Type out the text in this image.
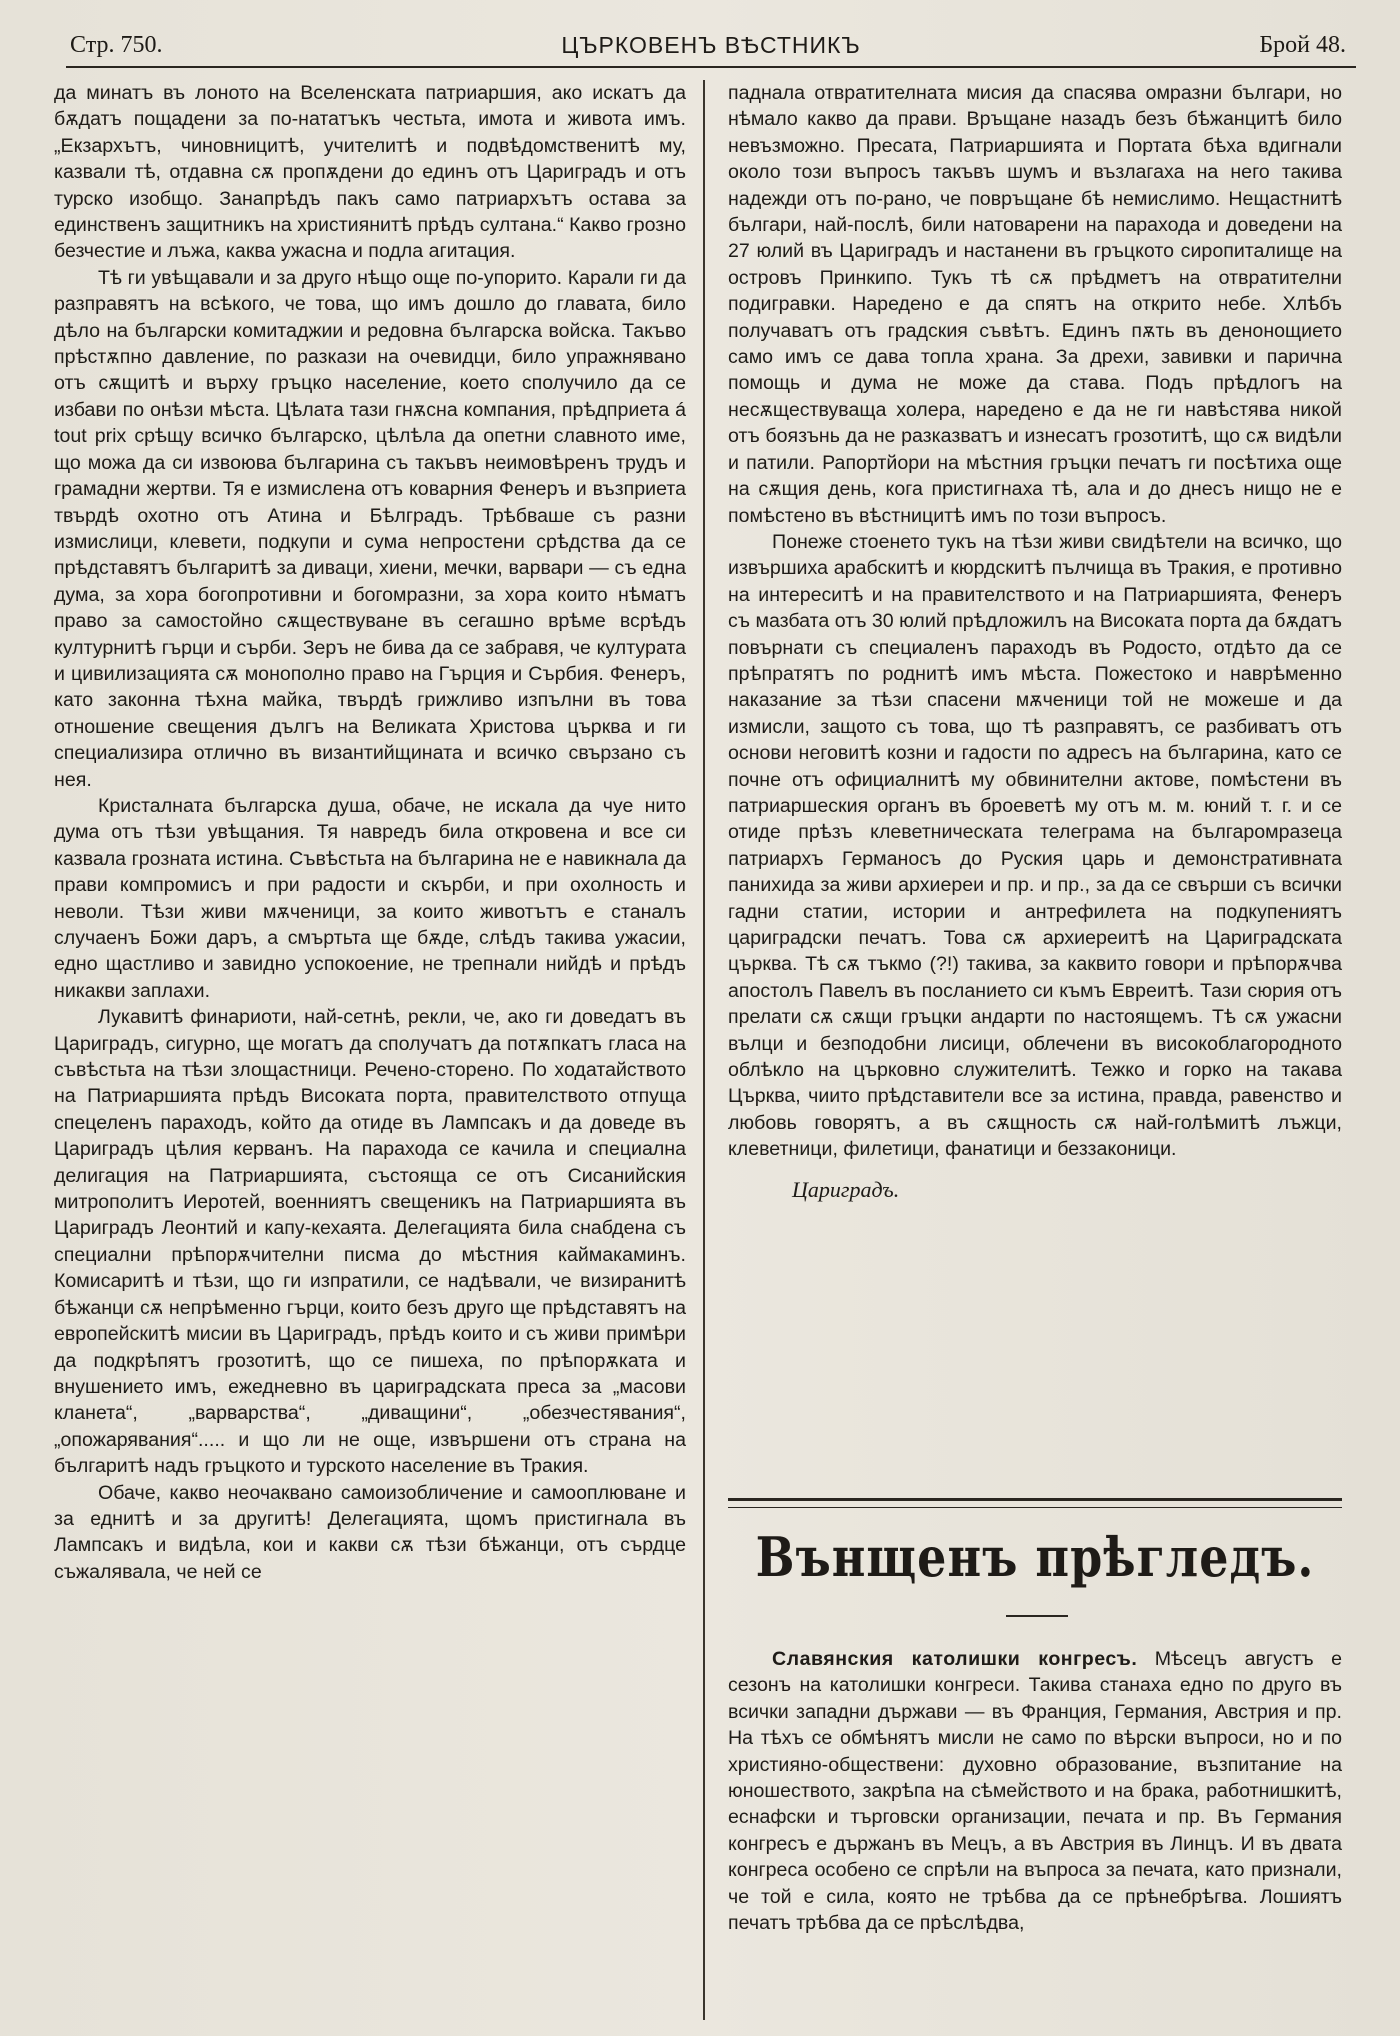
Стр. 750.	ЦЪРКОВЕНЪ ВѢСТНИКЪ	Брой 48.

да минатъ въ лоното на Вселенската патриаршия, ако искатъ да бѫдатъ пощадени за по-нататъкъ честьта, имота и живота имъ. „Екзархътъ, чиновницитѣ, учителитѣ и подвѣдомственитѣ му, казвали тѣ, отдавна сѫ пропѫдени до единъ отъ Цариградъ и отъ турско изобщо. Занапрѣдъ пакъ само патриархътъ остава за единственъ защитникъ на християнитѣ прѣдъ султана.“ Какво грозно безчестие и лъжа, каква ужасна и подла агитация.

Тѣ ги увѣщавали и за друго нѣщо още по-упорито. Карали ги да разправятъ на всѣкого, че това, що имъ дошло до главата, било дѣло на български комитаджии и редовна българска войска. Такъво прѣстѫпно давление, по разкази на очевидци, било упражнявано отъ сѫщитѣ и върху гръцко население, което сполучило да се избави по онѣзи мѣста. Цѣлата тази гнѫсна компания, прѣдприета á tout prix срѣщу всичко българско, цѣлѣла да опетни славното име, що можа да си извоюва българина съ такъвъ неимовѣренъ трудъ и грамадни жертви. Тя е измислена отъ коварния Фенеръ и възприета твърдѣ охотно отъ Атина и Бѣлградъ. Трѣбваше съ разни измислици, клевети, подкупи и сума непростени срѣдства да се прѣдставятъ българитѣ за диваци, хиени, мечки, варвари — съ една дума, за хора богопротивни и богомразни, за хора които нѣматъ право за самостойно сѫществуване въ сегашно врѣме всрѣдъ културнитѣ гърци и сърби. Зеръ не бива да се забравя, че културата и цивилизацията сѫ монополно право на Гърция и Сърбия. Фенеръ, като законна тѣхна майка, твърдѣ грижливо изпълни въ това отношение свещения дългъ на Великата Христова църква и ги специализира отлично въ византийщината и всичко свързано съ нея.

Кристалната българска душа, обаче, не искала да чуе нито дума отъ тѣзи увѣщания. Тя навредъ била откровена и все си казвала грозната истина. Съвѣстьта на българина не е навикнала да прави компромисъ и при радости и скърби, и при охолность и неволи. Тѣзи живи мѫченици, за които животътъ е станалъ случаенъ Божи даръ, а смъртьта ще бѫде, слѣдъ такива ужасии, едно щастливо и завидно успокоение, не трепнали нийдѣ и прѣдъ никакви заплахи.

Лукавитѣ финариоти, най-сетнѣ, рекли, че, ако ги доведатъ въ Цариградъ, сигурно, ще могатъ да сполучатъ да потѫпкатъ гласа на съвѣстьта на тѣзи злощастници. Речено-сторено. По ходатайството на Патриаршията прѣдъ Високата порта, правителството отпуща спецеленъ параходъ, който да отиде въ Лампсакъ и да доведе въ Цариградъ цѣлия керванъ. На парахода се качила и специална делигация на Патриаршията, състояща се отъ Сисанийския митрополитъ Иеротей, военниятъ свещеникъ на Патриаршията въ Цариградъ Леонтий и капу-кехаята. Делегацията била снабдена съ специални прѣпорѫчителни писма до мѣстния каймакаминъ. Комисаритѣ и тѣзи, що ги изпратили, се надѣвали, че визиранитѣ бѣжанци сѫ непрѣменно гърци, които безъ друго ще прѣдставятъ на европейскитѣ мисии въ Цариградъ, прѣдъ които и съ живи примѣри да подкрѣпятъ грозотитѣ, що се пишеха, по прѣпорѫката и внушението имъ, ежедневно въ цариградската преса за „масови кланета“, „варварства“, „диващини“, „обезчестявания“, „опожарявания“..... и що ли не още, извършени отъ страна на българитѣ надъ гръцкото и турското население въ Тракия.

Обаче, какво неочаквано самоизобличение и самооплюване и за еднитѣ и за другитѣ! Делегацията, щомъ пристигнала въ Лампсакъ и видѣла, кои и какви сѫ тѣзи бѣжанци, отъ сърдце съжалявала, че ней се

паднала отвратителната мисия да спасява омразни българи, но нѣмало какво да прави. Връщане назадъ безъ бѣжанцитѣ било невъзможно. Пресата, Патриаршията и Портата бѣха вдигнали около този въпросъ такъвъ шумъ и възлагаха на него такива надежди отъ по-рано, че повръщане бѣ немислимо. Нещастнитѣ българи, най-послѣ, били натоварени на парахода и доведени на 27 юлий въ Цариградъ и настанени въ гръцкото сиропиталище на островъ Принкипо. Тукъ тѣ сѫ прѣдметъ на отвратителни подигравки. Наредено е да спятъ на открито небе. Хлѣбъ получаватъ отъ градския съвѣтъ. Единъ пѫть въ денонощието само имъ се дава топла храна. За дрехи, завивки и парична помощь и дума не може да става. Подъ прѣдлогъ на несѫществуваща холера, наредено е да не ги навѣстява никой отъ боязънь да не разказватъ и изнесатъ грозотитѣ, що сѫ видѣли и патили. Рапортйори на мѣстния гръцки печатъ ги посѣтиха още на сѫщия день, кога пристигнаха тѣ, ала и до днесъ нищо не е помѣстено въ вѣстницитѣ имъ по този въпросъ.

Понеже стоенето тукъ на тѣзи живи свидѣтели на всичко, що извършиха арабскитѣ и кюрдскитѣ пълчища въ Тракия, е противно на интереситѣ и на правителството и на Патриаршията, Фенеръ съ мазбата отъ 30 юлий прѣдложилъ на Високата порта да бѫдатъ повърнати съ специаленъ параходъ въ Родосто, отдѣто да се прѣпратятъ по роднитѣ имъ мѣста. Пожестоко и наврѣменно наказание за тѣзи спасени мѫченици той не можеше и да измисли, защото съ това, що тѣ разправятъ, се разбиватъ отъ основи неговитѣ козни и гадости по адресъ на българина, като се почне отъ официалнитѣ му обвинителни актове, помѣстени въ патриаршеския органъ въ броеветѣ му отъ м. м. юний т. г. и се отиде прѣзъ клеветническата телеграма на българомразеца патриархъ Германосъ до Руския царь и демонстративната панихида за живи архиереи и пр. и пр., за да се свърши съ всички гадни статии, истории и антрефилета на подкупениятъ цариградски печатъ. Това сѫ архиереитѣ на Цариградската църква. Тѣ сѫ тъкмо (?!) такива, за каквито говори и прѣпорѫчва апостолъ Павелъ въ посланието си къмъ Евреитѣ. Тази сюрия отъ прелати сѫ сѫщи гръцки андарти по настоящемъ. Тѣ сѫ ужасни вълци и безподобни лисици, облечени въ високоблагородното облѣкло на църковно служителитѣ. Тежко и горко на такава Църква, чиито прѣдставители все за истина, правда, равенство и любовь говорятъ, а въ сѫщность сѫ най-голѣмитѣ лъжци, клеветници, филетици, фанатици и беззаконици.

Цариградъ.
Вънщенъ прѣгледъ.

Славянския католишки конгресъ. Мѣсецъ августъ е сезонъ на католишки конгреси. Такива станаха едно по друго въ всички западни държави — въ Франция, Германия, Австрия и пр. На тѣхъ се обмѣнятъ мисли не само по вѣрски въпроси, но и по християно-обществени: духовно образование, възпитание на юношеството, закрѣпа на сѣмейството и на брака, работнишкитѣ, еснафски и търговски организации, печата и пр. Въ Германия конгресъ е държанъ въ Мецъ, а въ Австрия въ Линцъ. И въ двата конгреса особено се спрѣли на въпроса за печата, като признали, че той е сила, която не трѣбва да се прѣнебрѣгва. Лошиятъ печатъ трѣбва да се прѣслѣдва,
